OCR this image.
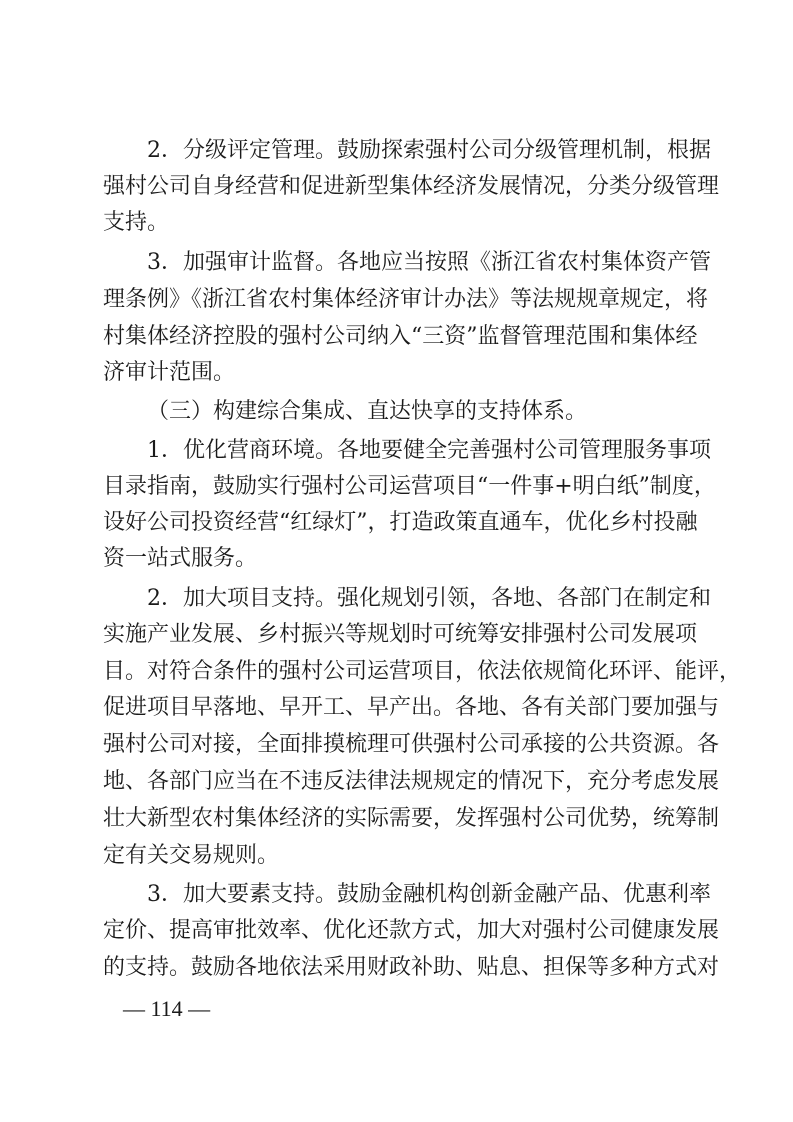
2．分级评定管理。鼓励探索强村公司分级管理机制，根据
强村公司自身经营和促进新型集体经济发展情况，分类分级管理
支持。
3．加强审计监督。各地应当按照《浙江省农村集体资产管
理条例》《浙江省农村集体经济审计办法》等法规规章规定，将
村集体经济控股的强村公司纳入“三资”监督管理范围和集体经
济审计范围。
（三）构建综合集成、直达快享的支持体系。
1．优化营商环境。各地要健全完善强村公司管理服务事项
目录指南，鼓励实行强村公司运营项目“一件事+明白纸”制度，
设好公司投资经营“红绿灯”，打造政策直通车，优化乡村投融
资一站式服务。
2．加大项目支持。强化规划引领，各地、各部门在制定和
实施产业发展、乡村振兴等规划时可统筹安排强村公司发展项
目。对符合条件的强村公司运营项目，依法依规简化环评、能评，
促进项目早落地、早开工、早产出。各地、各有关部门要加强与
强村公司对接，全面排摸梳理可供强村公司承接的公共资源。各
地、各部门应当在不违反法律法规规定的情况下，充分考虑发展
壮大新型农村集体经济的实际需要，发挥强村公司优势，统筹制
定有关交易规则。
3．加大要素支持。鼓励金融机构创新金融产品、优惠利率
定价、提高审批效率、优化还款方式，加大对强村公司健康发展
的支持。鼓励各地依法采用财政补助、贴息、担保等多种方式对
— 114 —
